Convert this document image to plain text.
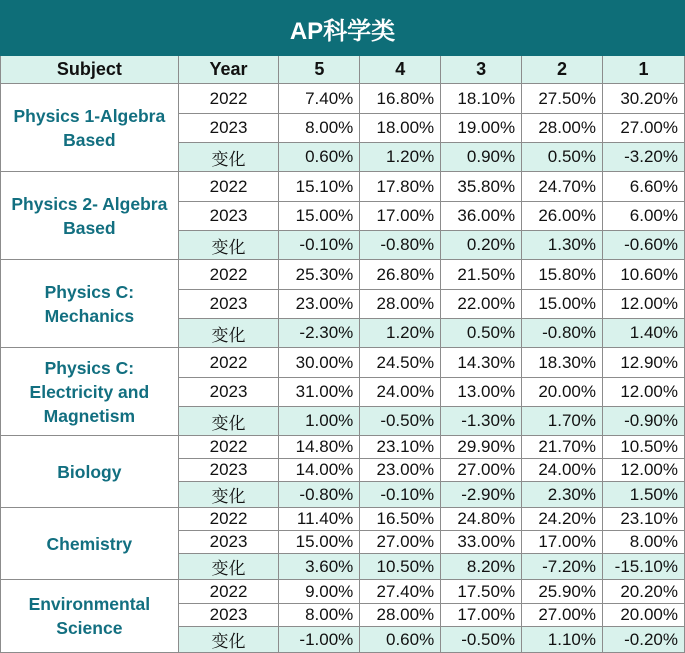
AP科学类						
Subject	Year	5	4	3	2	1

Physics 1-Algebra
Based	2022	7.40%	16.80%	18.10%	27.50%	30.20%
	2023	8.00%	18.00%	19.00%	28.00%	27.00%
	变化	0.60%	1.20%	0.90%	0.50%	-3.20%

Physics 2- Algebra
Based	2022	15.10%	17.80%	35.80%	24.70%	6.60%
	2023	15.00%	17.00%	36.00%	26.00%	6.00%
	变化	-0.10%	-0.80%	0.20%	1.30%	-0.60%

Physics C:
Mechanics	2022	25.30%	26.80%	21.50%	15.80%	10.60%
	2023	23.00%	28.00%	22.00%	15.00%	12.00%
	变化	-2.30%	1.20%	0.50%	-0.80%	1.40%

Physics C:
Electricity and
Magnetism	2022	30.00%	24.50%	14.30%	18.30%	12.90%
	2023	31.00%	24.00%	13.00%	20.00%	12.00%
	变化	1.00%	-0.50%	-1.30%	1.70%	-0.90%

Biology	2022	14.80%	23.10%	29.90%	21.70%	10.50%
	2023	14.00%	23.00%	27.00%	24.00%	12.00%
	变化	-0.80%	-0.10%	-2.90%	2.30%	1.50%

Chemistry	2022	11.40%	16.50%	24.80%	24.20%	23.10%
	2023	15.00%	27.00%	33.00%	17.00%	8.00%
	变化	3.60%	10.50%	8.20%	-7.20%	-15.10%

Environmental
Science	2022	9.00%	27.40%	17.50%	25.90%	20.20%
	2023	8.00%	28.00%	17.00%	27.00%	20.00%
	变化	-1.00%	0.60%	-0.50%	1.10%	-0.20%
